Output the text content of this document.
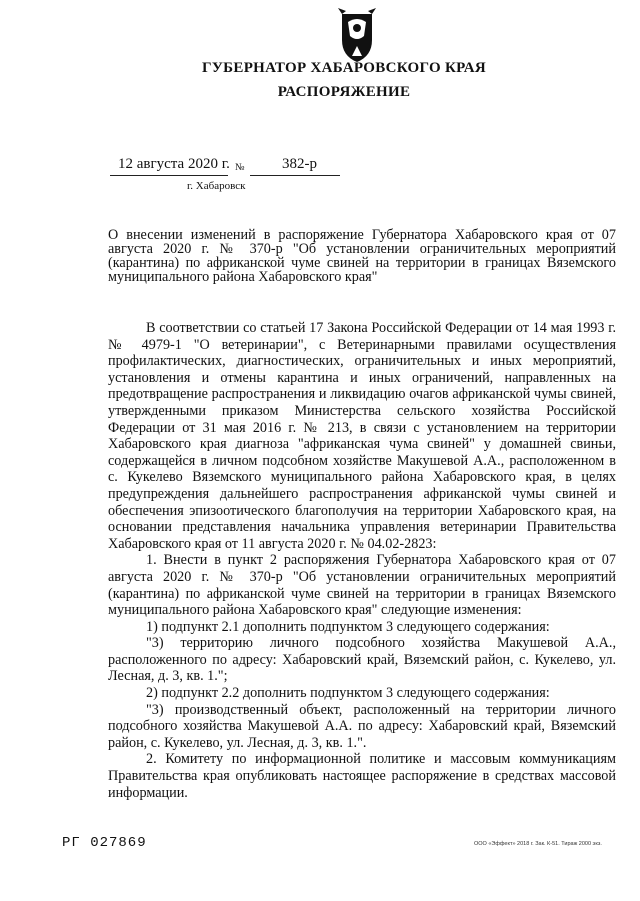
ГУБЕРНАТОР ХАБАРОВСКОГО КРАЯ
РАСПОРЯЖЕНИЕ
12 августа 2020 г. № 382-р
г. Хабаровск
О внесении изменений в распоряжение Губернатора Хабаровского края от 07 августа 2020 г. № 370-р "Об установлении ограничительных мероприятий (карантина) по африканской чуме свиней на территории в границах Вяземского муниципального района Хабаровского края"

В соответствии со статьей 17 Закона Российской Федерации от 14 мая 1993 г. № 4979-1 "О ветеринарии", с Ветеринарными правилами осуществления профилактических, диагностических, ограничительных и иных мероприятий, установления и отмены карантина и иных ограничений, направленных на предотвращение распространения и ликвидацию очагов африканской чумы свиней, утвержденными приказом Министерства сельского хозяйства Российской Федерации от 31 мая 2016 г. № 213, в связи с установлением на территории Хабаровского края диагноза "африканская чума свиней" у домашней свиньи, содержащейся в личном подсобном хозяйстве Макушевой А.А., расположенном в с. Кукелево Вяземского муниципального района Хабаровского края, в целях предупреждения дальнейшего распространения африканской чумы свиней и обеспечения эпизоотического благополучия на территории Хабаровского края, на основании представления начальника управления ветеринарии Правительства Хабаровского края от 11 августа 2020 г. № 04.02-2823:

1. Внести в пункт 2 распоряжения Губернатора Хабаровского края от 07 августа 2020 г. № 370-р "Об установлении ограничительных мероприятий (карантина) по африканской чуме свиней на территории в границах Вяземского муниципального района Хабаровского края" следующие изменения:

1) подпункт 2.1 дополнить подпунктом 3 следующего содержания:

"3) территорию личного подсобного хозяйства Макушевой А.А., расположенного по адресу: Хабаровский край, Вяземский район, с. Кукелево, ул. Лесная, д. 3, кв. 1.";

2) подпункт 2.2 дополнить подпунктом 3 следующего содержания:

"3) производственный объект, расположенный на территории личного подсобного хозяйства Макушевой А.А. по адресу: Хабаровский край, Вяземский район, с. Кукелево, ул. Лесная, д. 3, кв. 1.".

2. Комитету по информационной политике и массовым коммуникациям Правительства края опубликовать настоящее распоряжение в средствах массовой информации.

РГ 027869	ООО «Эффект» 2018 г. Зак. К-51. Тираж 2000 экз.
